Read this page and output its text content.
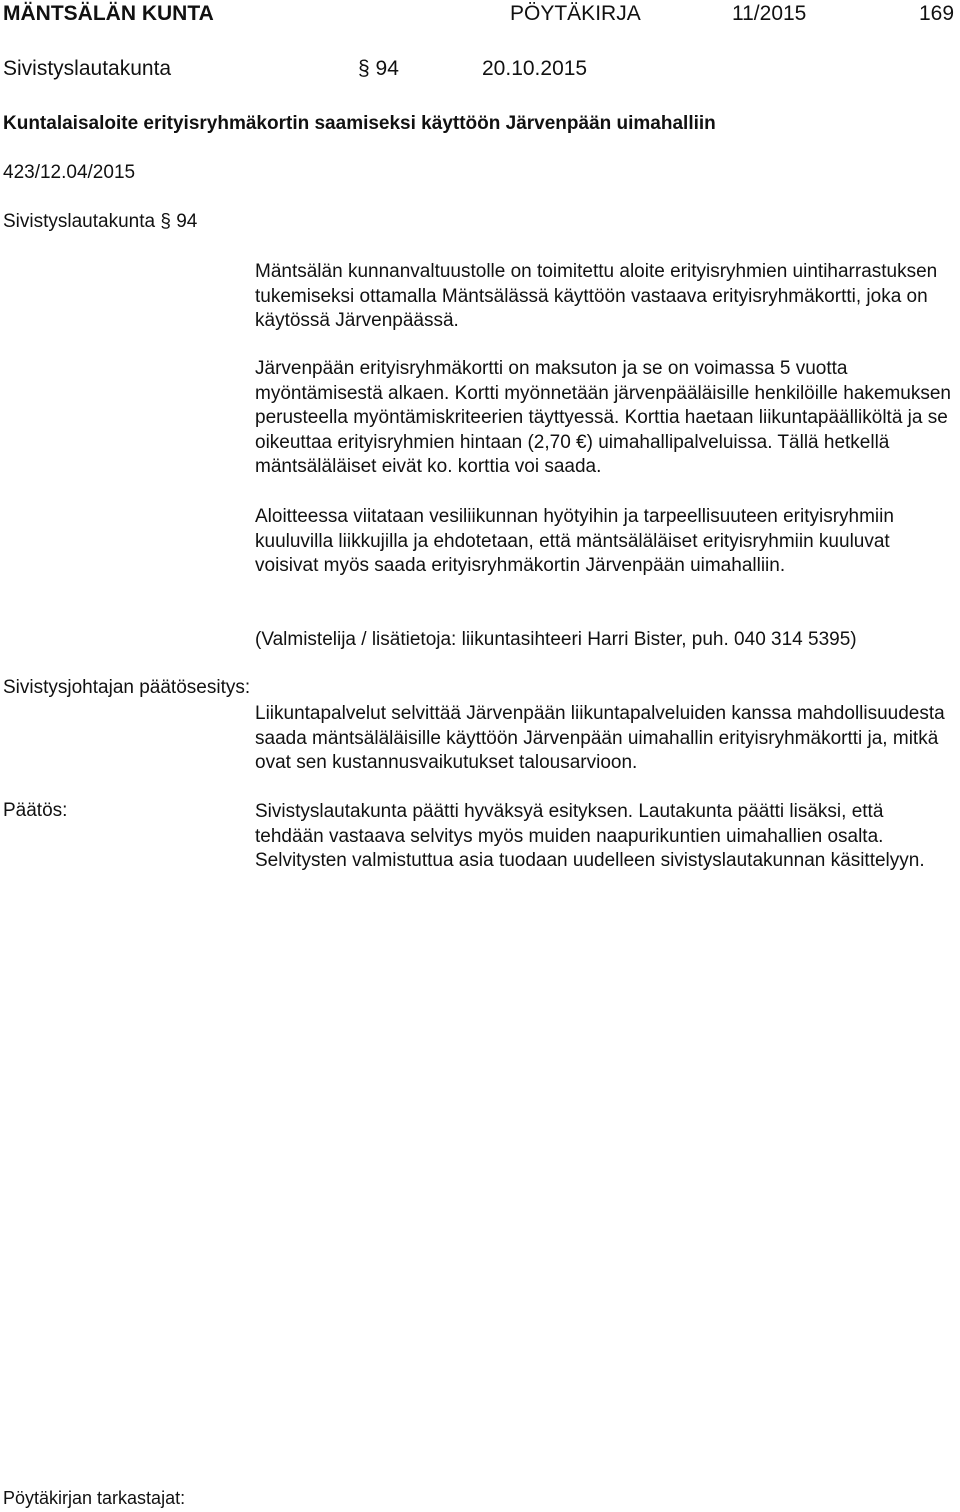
MÄNTSÄLÄN KUNTA	PÖYTÄKIRJA	11/2015	169
Sivistyslautakunta	§ 94	20.10.2015
Kuntalaisaloite erityisryhmäkortin saamiseksi käyttöön Järvenpään uimahalliin
423/12.04/2015
Sivistyslautakunta § 94

Mäntsälän kunnanvaltuustolle on toimitettu aloite erityisryhmien uintiharrastuksen tukemiseksi ottamalla Mäntsälässä käyttöön vastaava erityisryhmäkortti, joka on käytössä Järvenpäässä.

Järvenpään erityisryhmäkortti on maksuton ja se on voimassa 5 vuotta myöntämisestä alkaen. Kortti myönnetään järvenpääläisille henkilöille hakemuksen perusteella myöntämiskriteerien täyttyessä. Korttia haetaan liikuntapäälliköltä ja se oikeuttaa erityisryhmien hintaan (2,70 €) uimahallipalveluissa. Tällä hetkellä mäntsäläläiset eivät ko. korttia voi saada.

Aloitteessa viitataan vesiliikunnan hyötyihin ja tarpeellisuuteen erityisryhmiin kuuluvilla liikkujilla ja ehdotetaan, että mäntsäläläiset erityisryhmiin kuuluvat voisivat myös saada erityisryhmäkortin Järvenpään uimahalliin.

(Valmistelija / lisätietoja: liikuntasihteeri Harri Bister, puh. 040 314 5395)

Sivistysjohtajan päätösesitys:

Liikuntapalvelut selvittää Järvenpään liikuntapalveluiden kanssa mahdollisuudesta saada mäntsäläläisille käyttöön Järvenpään uimahallin erityisryhmäkortti ja, mitkä ovat sen kustannusvaikutukset talousarvioon.

Päätös:	Sivistyslautakunta päätti hyväksyä esityksen. Lautakunta päätti lisäksi, että tehdään vastaava selvitys myös muiden naapurikuntien uimahallien osalta. Selvitysten valmistuttua asia tuodaan uudelleen sivistyslautakunnan käsittelyyn.

Pöytäkirjan tarkastajat:
